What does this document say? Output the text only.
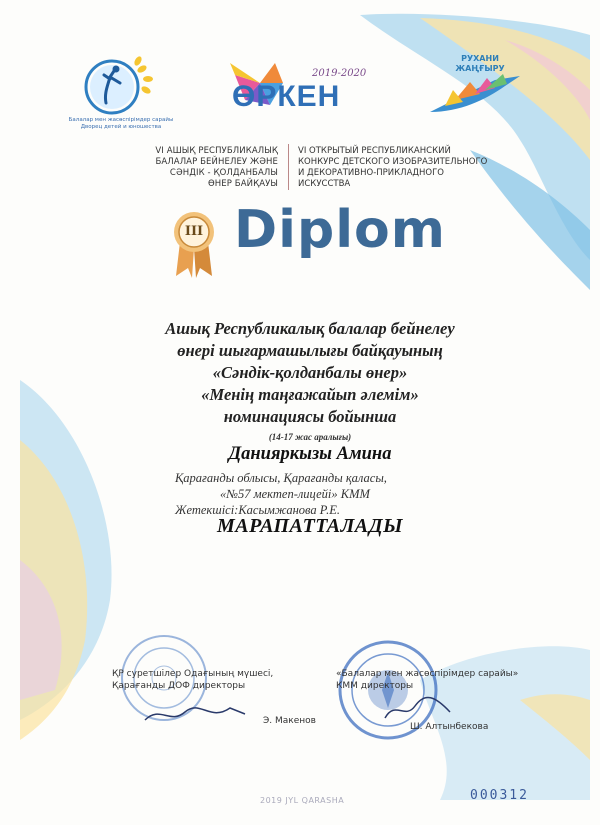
Балалар мен жасөспірімдер сарайы Дворец детей и юношества
2019-2020
ӨРКЕН
РУХАНИ
ЖАҢҒЫРУ
VI АШЫҚ РЕСПУБЛИКАЛЫҚ
БАЛАЛАР БЕЙНЕЛЕУ ЖӘНЕ
СӘНДІК - ҚОЛДАНБАЛЫ
ӨНЕР БАЙҚАУЫ
VI ОТКРЫТЫЙ РЕСПУБЛИКАНСКИЙ
КОНКУРС ДЕТСКОГО ИЗОБРАЗИТЕЛЬНОГО
И ДЕКОРАТИВНО-ПРИКЛАДНОГО
ИСКУССТВА
III Diplom
Ашық Республикалық балалар бейнелеу
өнері шығармашылығы байқауының
«Сәндік-қолданбалы өнер»
«Менің таңғажайып әлемім»
номинациясы бойынша
(14-17 жас аралығы)
Данияркызы Амина
Қарағанды облысы, Қарағанды қаласы,
«№57 мектеп-лицейі» КММ
Жетекшісі:Касымжанова Р.Е.
МАРАПАТТАЛАДЫ
ҚР суретшілер Одағының мүшесі,
Қарағанды ДОФ директоры
Э. Макенов
«Балалар мен жасөспірімдер сарайы»
КММ директоры
Ш. Алтынбекова
2019 JYL QARASHA	000312
